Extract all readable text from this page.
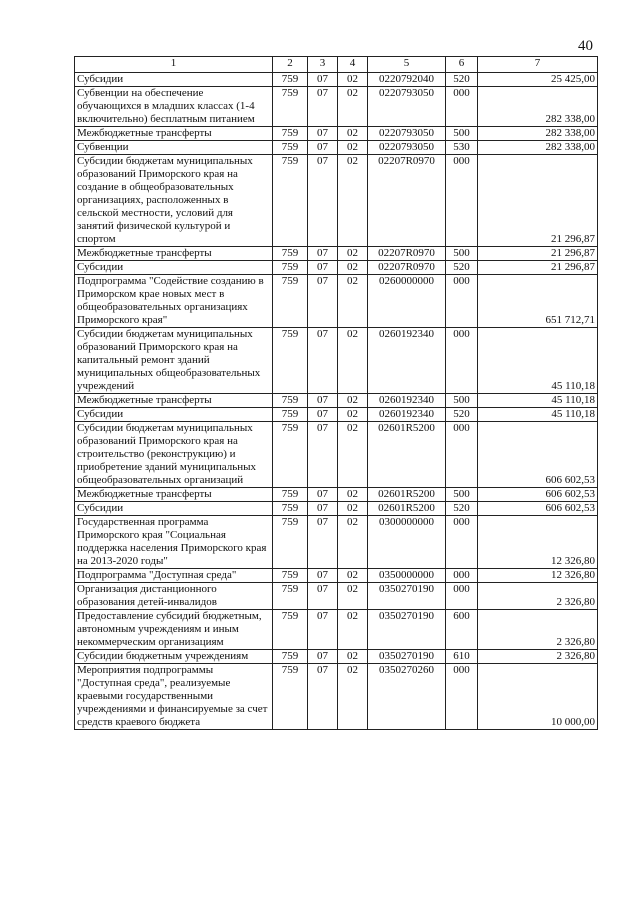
40
1	2	3	4	5	6	7
Субсидии	759	07	02	0220792040	520	25 425,00
Субвенции на обеспечение обучающихся в младших классах (1-4 включительно) бесплатным питанием	759	07	02	0220793050	000	282 338,00
Межбюджетные трансферты	759	07	02	0220793050	500	282 338,00
Субвенции	759	07	02	0220793050	530	282 338,00
Субсидии бюджетам муниципальных образований Приморского края на создание в общеобразовательных организациях, расположенных в сельской местности, условий для занятий физической культурой и спортом	759	07	02	02207R0970	000	21 296,87
Межбюджетные трансферты	759	07	02	02207R0970	500	21 296,87
Субсидии	759	07	02	02207R0970	520	21 296,87
Подпрограмма "Содействие созданию в Приморском крае новых мест в общеобразовательных организациях Приморского края"	759	07	02	0260000000	000	651 712,71
Субсидии бюджетам муниципальных образований Приморского края на капитальный ремонт зданий муниципальных общеобразовательных учреждений	759	07	02	0260192340	000	45 110,18
Межбюджетные трансферты	759	07	02	0260192340	500	45 110,18
Субсидии	759	07	02	0260192340	520	45 110,18
Субсидии бюджетам муниципальных образований Приморского края на строительство (реконструкцию) и приобретение зданий муниципальных общеобразовательных организаций	759	07	02	02601R5200	000	606 602,53
Межбюджетные трансферты	759	07	02	02601R5200	500	606 602,53
Субсидии	759	07	02	02601R5200	520	606 602,53
Государственная программа Приморского края "Социальная поддержка населения Приморского края на 2013-2020 годы"	759	07	02	0300000000	000	12 326,80
Подпрограмма "Доступная среда"	759	07	02	0350000000	000	12 326,80
Организация дистанционного образования детей-инвалидов	759	07	02	0350270190	000	2 326,80
Предоставление субсидий бюджетным, автономным учреждениям и иным некоммерческим организациям	759	07	02	0350270190	600	2 326,80
Субсидии бюджетным учреждениям	759	07	02	0350270190	610	2 326,80
Мероприятия подпрограммы "Доступная среда", реализуемые краевыми государственными учреждениями и финансируемые за счет средств краевого бюджета	759	07	02	0350270260	000	10 000,00
